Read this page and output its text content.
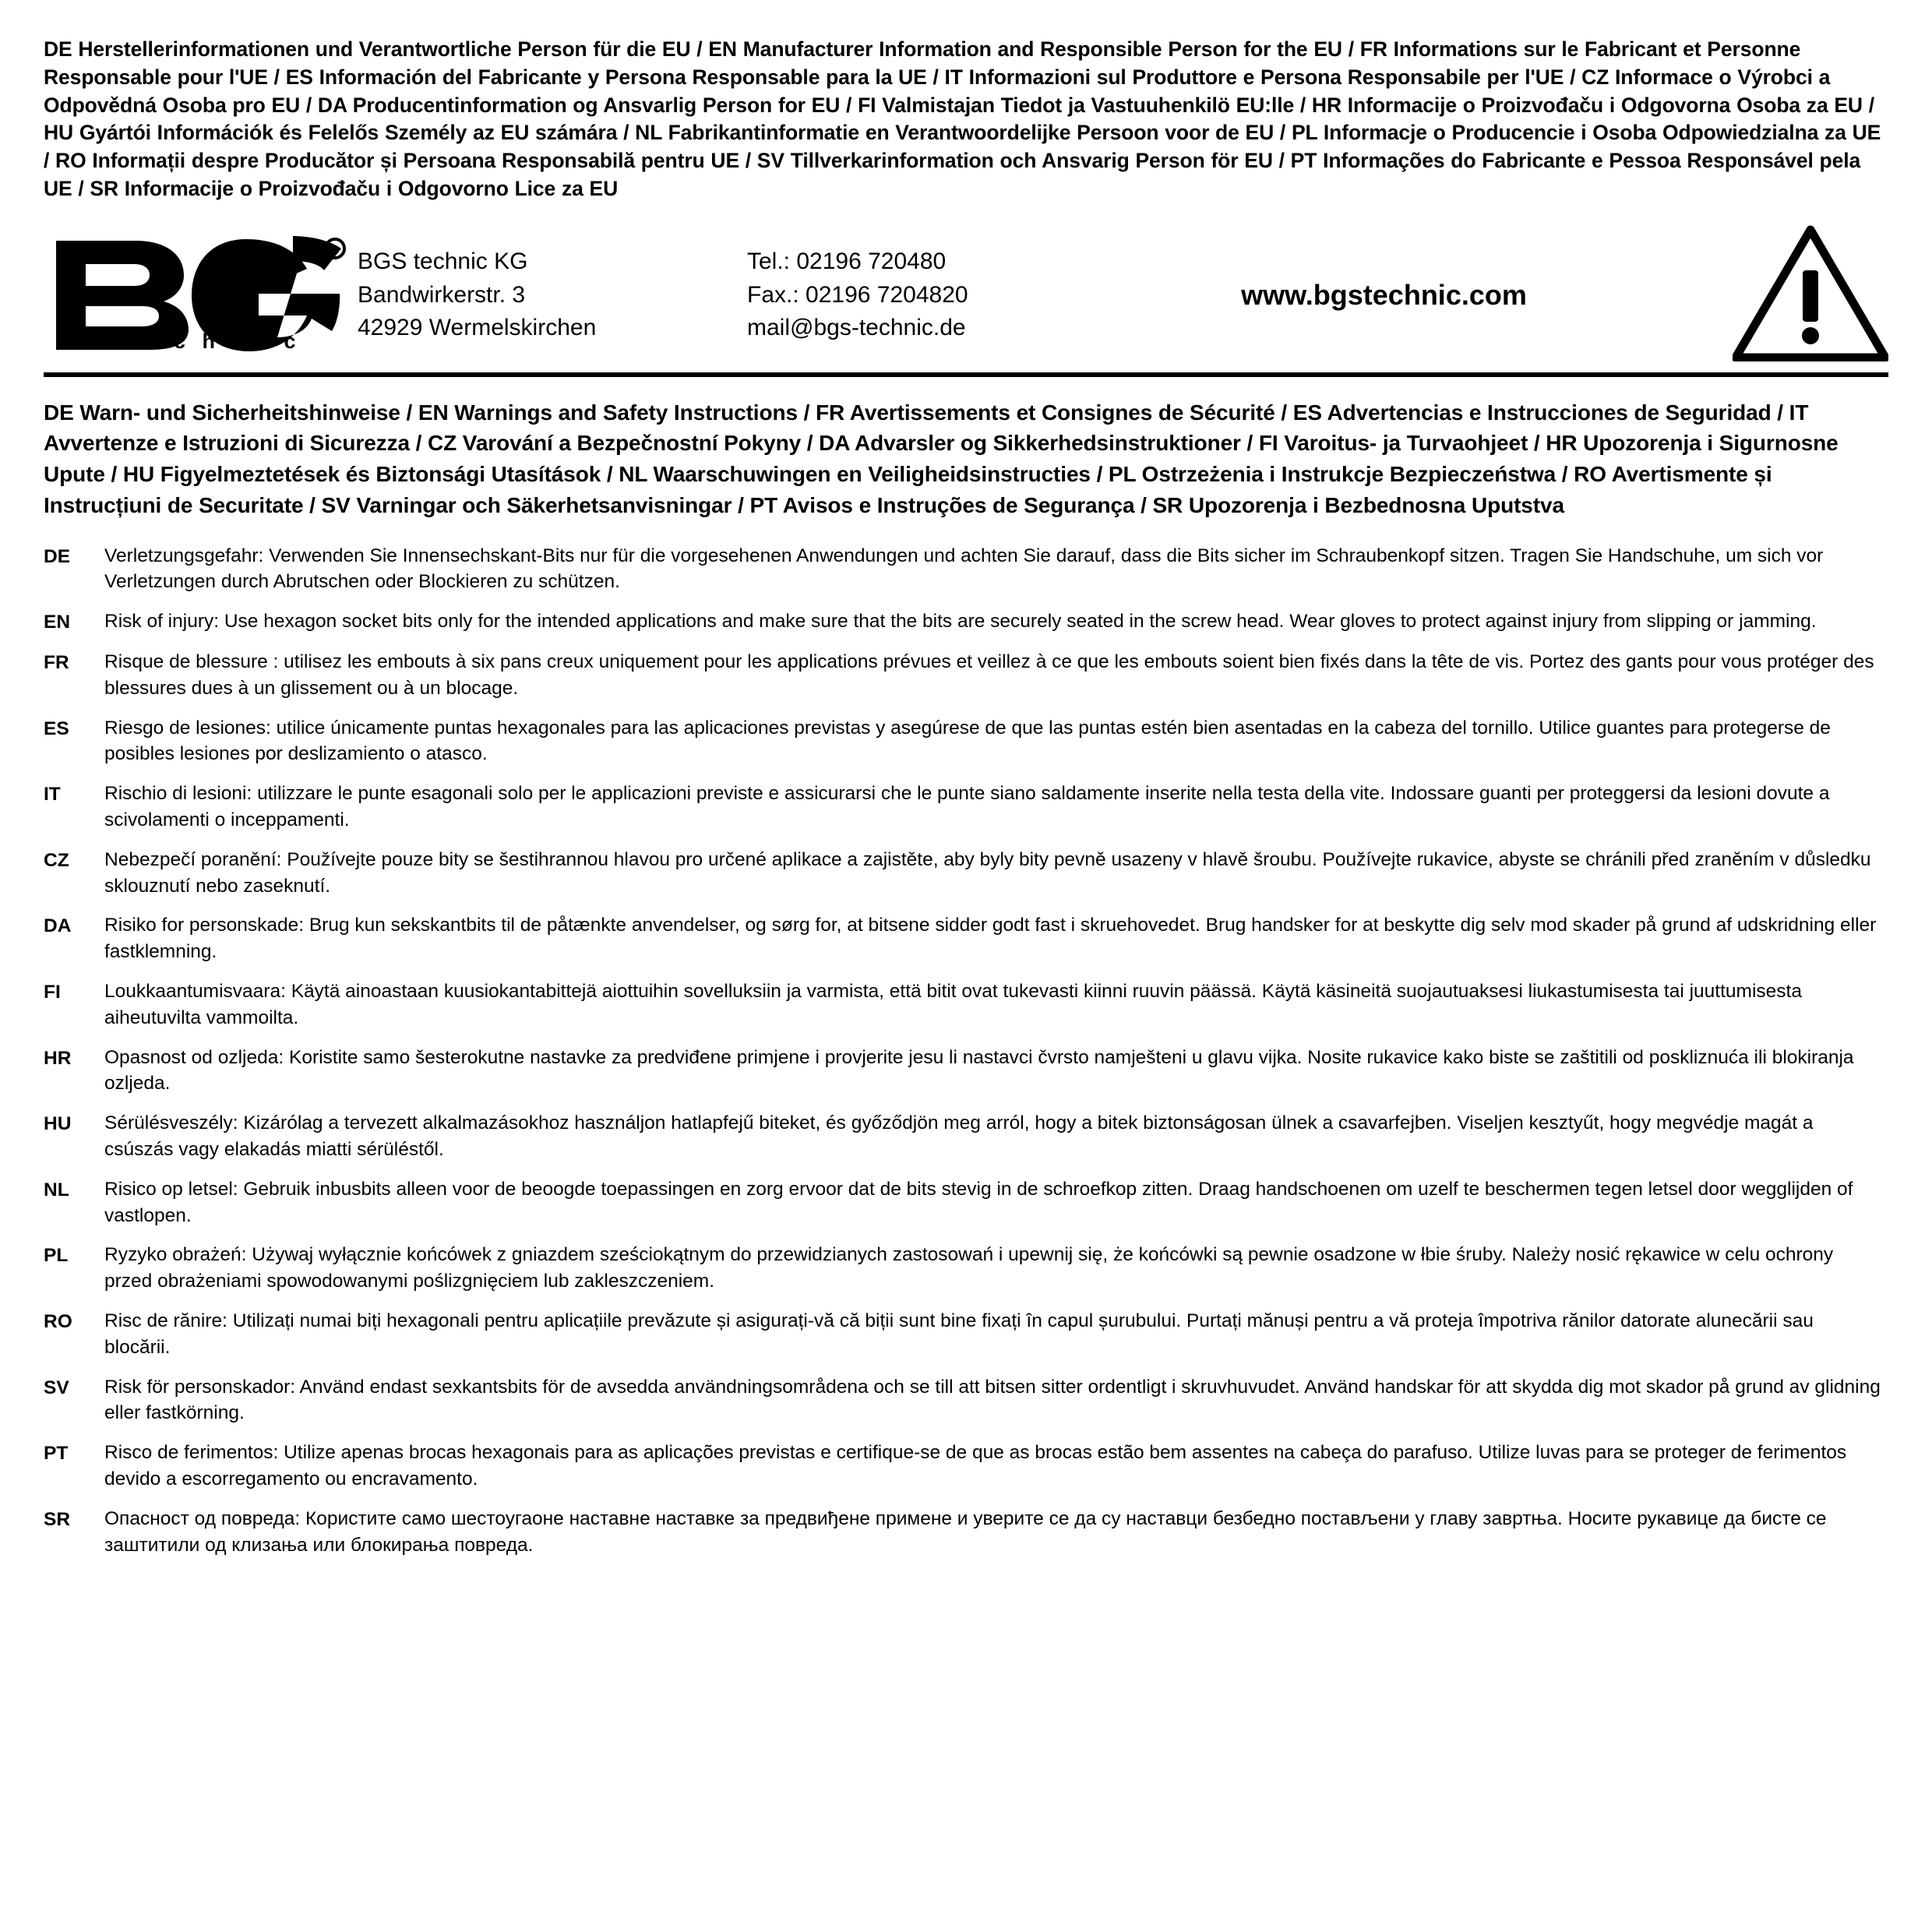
DE Herstellerinformationen und Verantwortliche Person für die EU / EN Manufacturer Information and Responsible Person for the EU / FR Informations sur le Fabricant et Personne Responsable pour l'UE / ES Información del Fabricante y Persona Responsable para la UE / IT Informazioni sul Produttore e Persona Responsabile per l'UE / CZ Informace o Výrobci a Odpovědná Osoba pro EU / DA Producentinformation og Ansvarlig Person for EU / FI Valmistajan Tiedot ja Vastuuhenkilö EU:lle / HR Informacije o Proizvođaču i Odgovorna Osoba za EU / HU Gyártói Információk és Felelős Személy az EU számára / NL Fabrikantinformatie en Verantwoordelijke Persoon voor de EU / PL Informacje o Producencie i Osoba Odpowiedzialna za UE / RO Informații despre Producător și Persoana Responsabilă pentru UE / SV Tillverkarinformation och Ansvarig Person för EU / PT Informações do Fabricante e Pessoa Responsável pela UE / SR Informacije o Proizvođaču i Odgovorno Lice za EU
R
t e c h n i c
BGS technic KG
Bandwirkerstr. 3
42929 Wermelskirchen
Tel.: 02196 720480
Fax.: 02196 7204820
mail@bgs-technic.de
www.bgstechnic.com
DE Warn- und Sicherheitshinweise / EN Warnings and Safety Instructions / FR Avertissements et Consignes de Sécurité / ES Advertencias e Instrucciones de Seguridad / IT Avvertenze e Istruzioni di Sicurezza / CZ Varování a Bezpečnostní Pokyny / DA Advarsler og Sikkerhedsinstruktioner / FI Varoitus- ja Turvaohjeet / HR Upozorenja i Sigurnosne Upute / HU Figyelmeztetések és Biztonsági Utasítások / NL Waarschuwingen en Veiligheidsinstructies / PL Ostrzeżenia i Instrukcje Bezpieczeństwa / RO Avertismente și Instrucțiuni de Securitate / SV Varningar och Säkerhetsanvisningar / PT Avisos e Instruções de Segurança / SR Upozorenja i Bezbednosna Uputstva
DE	Verletzungsgefahr: Verwenden Sie Innensechskant-Bits nur für die vorgesehenen Anwendungen und achten Sie darauf, dass die Bits sicher im Schraubenkopf sitzen. Tragen Sie Handschuhe, um sich vor Verletzungen durch Abrutschen oder Blockieren zu schützen.
EN	Risk of injury: Use hexagon socket bits only for the intended applications and make sure that the bits are securely seated in the screw head. Wear gloves to protect against injury from slipping or jamming.
FR	Risque de blessure : utilisez les embouts à six pans creux uniquement pour les applications prévues et veillez à ce que les embouts soient bien fixés dans la tête de vis. Portez des gants pour vous protéger des blessures dues à un glissement ou à un blocage.
ES	Riesgo de lesiones: utilice únicamente puntas hexagonales para las aplicaciones previstas y asegúrese de que las puntas estén bien asentadas en la cabeza del tornillo. Utilice guantes para protegerse de posibles lesiones por deslizamiento o atasco.
IT	Rischio di lesioni: utilizzare le punte esagonali solo per le applicazioni previste e assicurarsi che le punte siano saldamente inserite nella testa della vite. Indossare guanti per proteggersi da lesioni dovute a scivolamenti o inceppamenti.
CZ	Nebezpečí poranění: Používejte pouze bity se šestihrannou hlavou pro určené aplikace a zajistěte, aby byly bity pevně usazeny v hlavě šroubu. Používejte rukavice, abyste se chránili před zraněním v důsledku sklouznutí nebo zaseknutí.
DA	Risiko for personskade: Brug kun sekskantbits til de påtænkte anvendelser, og sørg for, at bitsene sidder godt fast i skruehovedet. Brug handsker for at beskytte dig selv mod skader på grund af udskridning eller fastklemning.
FI	Loukkaantumisvaara: Käytä ainoastaan kuusiokantabittejä aiottuihin sovelluksiin ja varmista, että bitit ovat tukevasti kiinni ruuvin päässä. Käytä käsineitä suojautuaksesi liukastumisesta tai juuttumisesta aiheutuvilta vammoilta.
HR	Opasnost od ozljeda: Koristite samo šesterokutne nastavke za predviđene primjene i provjerite jesu li nastavci čvrsto namješteni u glavu vijka. Nosite rukavice kako biste se zaštitili od poskliznuća ili blokiranja ozljeda.
HU	Sérülésveszély: Kizárólag a tervezett alkalmazásokhoz használjon hatlapfejű biteket, és győződjön meg arról, hogy a bitek biztonságosan ülnek a csavarfejben. Viseljen kesztyűt, hogy megvédje magát a csúszás vagy elakadás miatti sérüléstől.
NL	Risico op letsel: Gebruik inbusbits alleen voor de beoogde toepassingen en zorg ervoor dat de bits stevig in de schroefkop zitten. Draag handschoenen om uzelf te beschermen tegen letsel door wegglijden of vastlopen.
PL	Ryzyko obrażeń: Używaj wyłącznie końcówek z gniazdem sześciokątnym do przewidzianych zastosowań i upewnij się, że końcówki są pewnie osadzone w łbie śruby. Należy nosić rękawice w celu ochrony przed obrażeniami spowodowanymi poślizgnięciem lub zakleszczeniem.
RO	Risc de rănire: Utilizați numai biți hexagonali pentru aplicațiile prevăzute și asigurați-vă că biții sunt bine fixați în capul șurubului. Purtați mănuși pentru a vă proteja împotriva rănilor datorate alunecării sau blocării.
SV	Risk för personskador: Använd endast sexkantsbits för de avsedda användningsområdena och se till att bitsen sitter ordentligt i skruvhuvudet. Använd handskar för att skydda dig mot skador på grund av glidning eller fastkörning.
PT	Risco de ferimentos: Utilize apenas brocas hexagonais para as aplicações previstas e certifique-se de que as brocas estão bem assentes na cabeça do parafuso. Utilize luvas para se proteger de ferimentos devido a escorregamento ou encravamento.
SR	Опасност од повреда: Користите само шестоугаоне наставне наставке за предвиђене примене и уверите се да су наставци безбедно постављени у главу завртња. Носите рукавице да бисте се заштитили од клизања или блокирања повреда.
